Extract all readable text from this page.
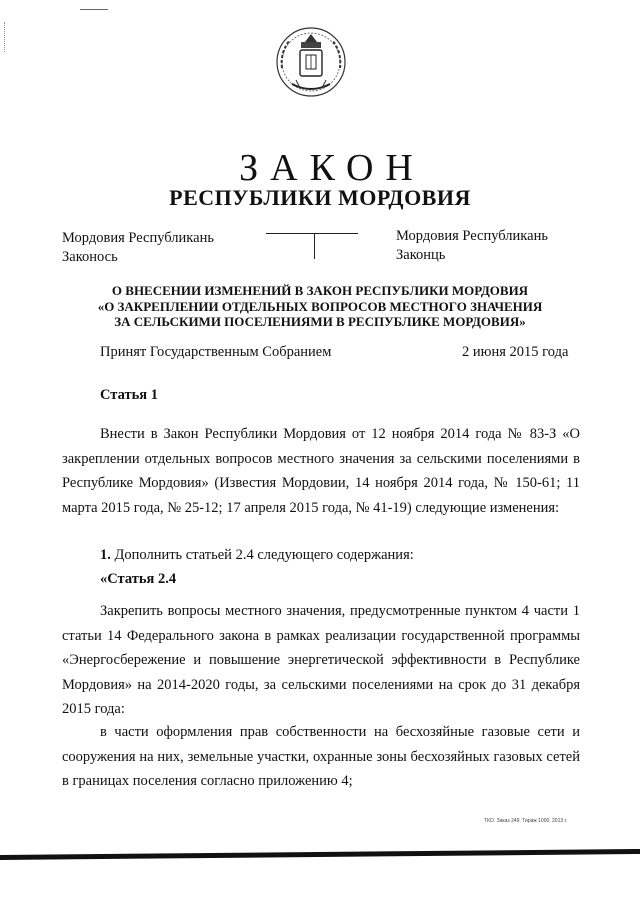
ЗАКОН
РЕСПУБЛИКИ МОРДОВИЯ
Мордовия Республикань
Законось
Мордовия Республикань
Законць
О ВНЕСЕНИИ ИЗМЕНЕНИЙ В ЗАКОН РЕСПУБЛИКИ МОРДОВИЯ
«О ЗАКРЕПЛЕНИИ ОТДЕЛЬНЫХ ВОПРОСОВ МЕСТНОГО ЗНАЧЕНИЯ
ЗА СЕЛЬСКИМИ ПОСЕЛЕНИЯМИ В РЕСПУБЛИКЕ МОРДОВИЯ»
Принят Государственным Собранием	2 июня 2015 года
Статья 1
Внести в Закон Республики Мордовия от 12 ноября 2014 года № 83-З «О закреплении отдельных вопросов местного значения за сельскими поселениями в Республике Мордовия» (Известия Мордовии, 14 ноября 2014 года, № 150-61; 11 марта 2015 года, № 25-12; 17 апреля 2015 года, № 41-19) следующие изменения:
1. Дополнить статьей 2.4 следующего содержания:
«Статья 2.4
Закрепить вопросы местного значения, предусмотренные пунктом 4 части 1 статьи 14 Федерального закона в рамках реализации государственной программы «Энергосбережение и повышение энергетической эффективности в Республике Мордовия» на 2014-2020 годы, за сельскими поселениями на срок до 31 декабря 2015 года:
в части оформления прав собственности на бесхозяйные газовые сети и сооружения на них, земельные участки, охранные зоны бесхозяйных газовых сетей в границах поселения согласно приложению 4;
ТКО. Заказ 249. Тираж 1000. 2013 г.
